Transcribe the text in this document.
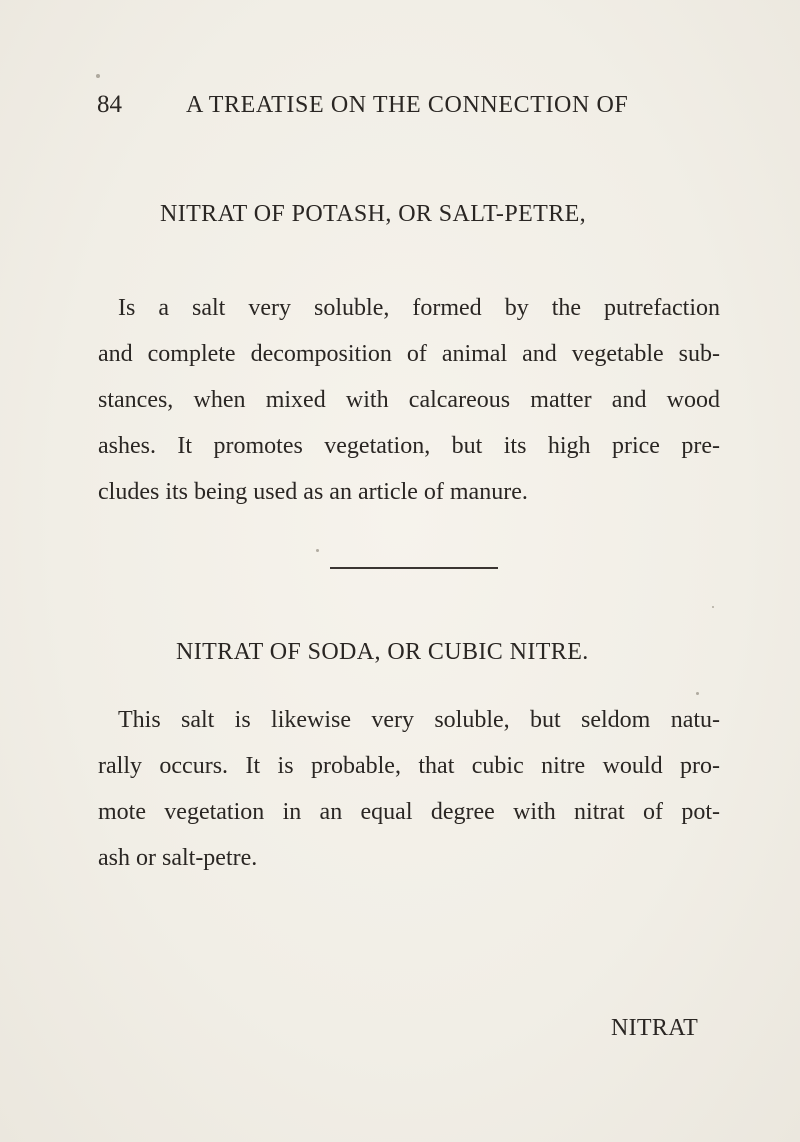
84	A TREATISE ON THE CONNECTION OF
NITRAT OF POTASH, OR SALT-PETRE,

Is a salt very soluble, formed by the putrefaction
and complete decomposition of animal and vegetable sub-
stances, when mixed with calcareous matter and wood
ashes. It promotes vegetation, but its high price pre-
cludes its being used as an article of manure.

NITRAT OF SODA, OR CUBIC NITRE.

This salt is likewise very soluble, but seldom natu-
rally occurs. It is probable, that cubic nitre would pro-
mote vegetation in an equal degree with nitrat of pot-
ash or salt-petre.

NITRAT
